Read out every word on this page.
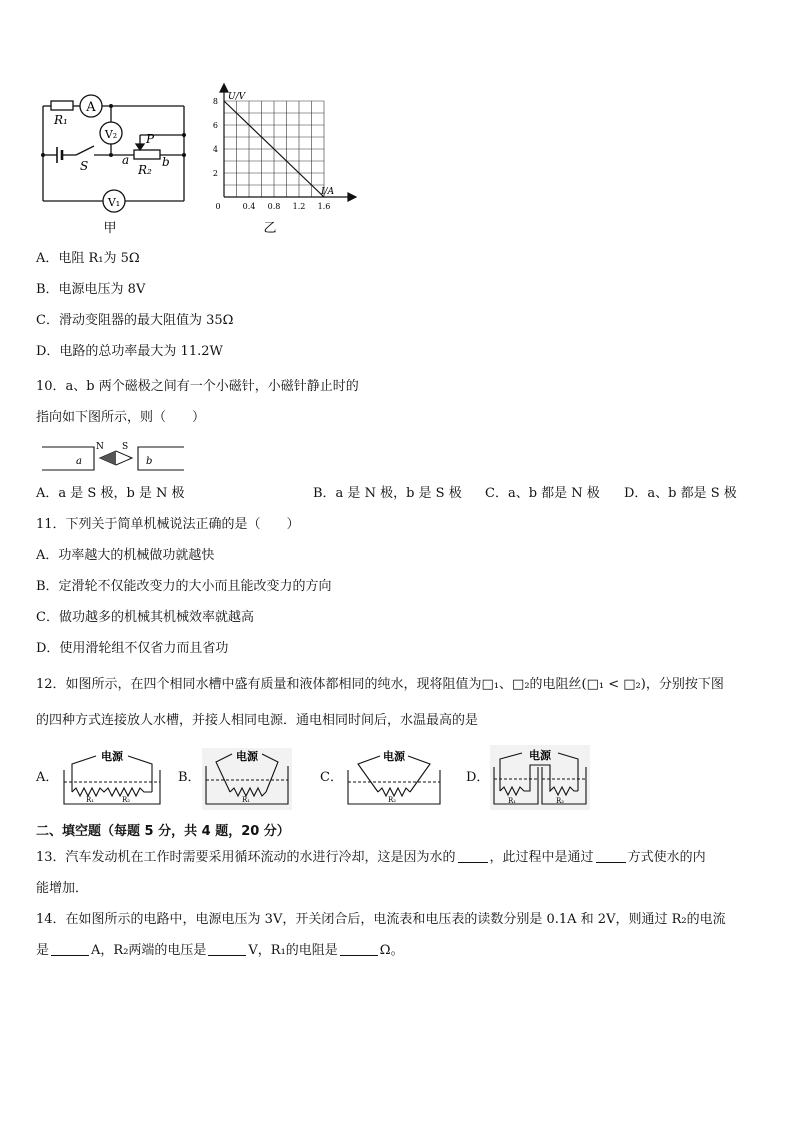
A
V₂
V₁
R₁
S
P
a	b
R₂
甲
8
6
4
2
0	0.4 0.8 1.2 1.6
U/V
I/A
乙
A．电阻 R₁为 5Ω
B．电源电压为 8V
C．滑动变阻器的最大阻值为 35Ω
D．电路的总功率最大为 11.2W
10．a、b 两个磁极之间有一个小磁针，小磁针静止时的
指向如下图所示，则（　　）
a	b
N S
A．a 是 S 极，b 是 N 极	B．a 是 N 极，b 是 S 极 C．a、b 都是 N 极 D．a、b 都是 S 极
11．下列关于简单机械说法正确的是（　　）
A．功率越大的机械做功就越快
B．定滑轮不仅能改变力的大小而且能改变力的方向
C．做功越多的机械其机械效率就越高
D．使用滑轮组不仅省力而且省功
12．如图所示，在四个相同水槽中盛有质量和液体都相同的纯水，现将阻值为□₁、□₂的电阻丝(□₁ < □₂)，分别按下图
的四种方式连接放人水槽，并接人相同电源．通电相同时间后，水温最高的是
A．
电源
R₁	R₂
B．
电源
R₁
C．
电源
R₂
D．
电源
R₁	R₂
二、填空题（每题 5 分，共 4 题，20 分）
13．汽车发动机在工作时需要采用循环流动的水进行冷却，这是因为水的	，此过程中是通过	方式使水的内
能增加．
14．在如图所示的电路中，电源电压为 3V，开关闭合后，电流表和电压表的读数分别是 0.1A 和 2V，则通过 R₂的电流
是	A，R₂两端的电压是	V，R₁的电阻是	Ω。
